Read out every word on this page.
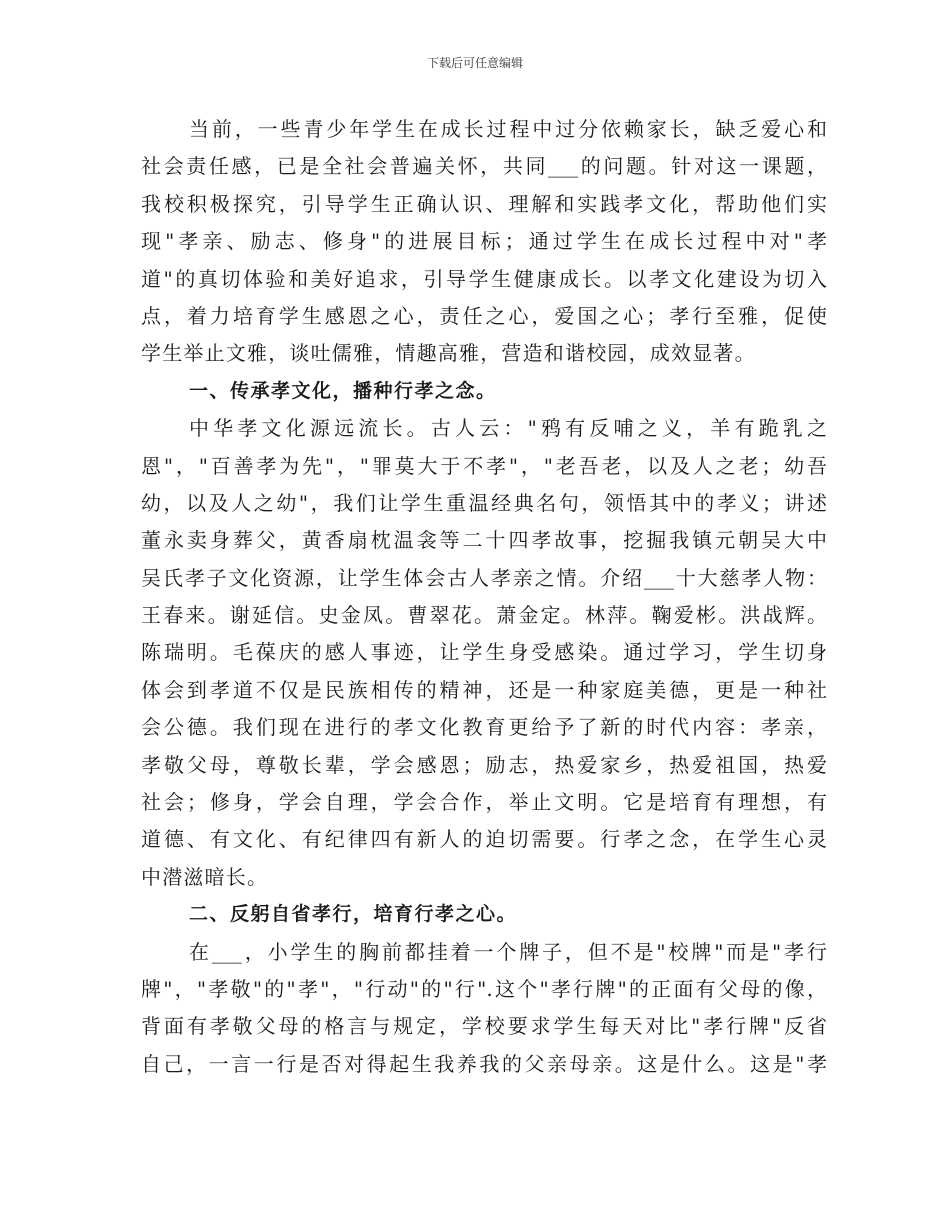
下载后可任意编辑
当前，一些青少年学生在成长过程中过分依赖家长，缺乏爱心和
社会责任感，已是全社会普遍关怀，共同___的问题。针对这一课题，
我校积极探究，引导学生正确认识、理解和实践孝文化，帮助他们实
现"孝亲、励志、修身"的进展目标；通过学生在成长过程中对"孝
道"的真切体验和美好追求，引导学生健康成长。以孝文化建设为切入
点，着力培育学生感恩之心，责任之心，爱国之心；孝行至雅，促使
学生举止文雅，谈吐儒雅，情趣高雅，营造和谐校园，成效显著。
一、传承孝文化，播种行孝之念。
中华孝文化源远流长。古人云："鸦有反哺之义，羊有跪乳之
恩"，"百善孝为先"，"罪莫大于不孝"，"老吾老，以及人之老；幼吾
幼，以及人之幼"，我们让学生重温经典名句，领悟其中的孝义；讲述
董永卖身葬父，黄香扇枕温衾等二十四孝故事，挖掘我镇元朝吴大中
吴氏孝子文化资源，让学生体会古人孝亲之情。介绍___十大慈孝人物：
王春来。谢延信。史金凤。曹翠花。萧金定。林萍。鞠爱彬。洪战辉。
陈瑞明。毛葆庆的感人事迹，让学生身受感染。通过学习，学生切身
体会到孝道不仅是民族相传的精神，还是一种家庭美德，更是一种社
会公德。我们现在进行的孝文化教育更给予了新的时代内容：孝亲，
孝敬父母，尊敬长辈，学会感恩；励志，热爱家乡，热爱祖国，热爱
社会；修身，学会自理，学会合作，举止文明。它是培育有理想，有
道德、有文化、有纪律四有新人的迫切需要。行孝之念，在学生心灵
中潜滋暗长。
二、反躬自省孝行，培育行孝之心。
在___，小学生的胸前都挂着一个牌子，但不是"校牌"而是"孝行
牌"，"孝敬"的"孝"，"行动"的"行".这个"孝行牌"的正面有父母的像，
背面有孝敬父母的格言与规定，学校要求学生每天对比"孝行牌"反省
自己，一言一行是否对得起生我养我的父亲母亲。这是什么。这是"孝
